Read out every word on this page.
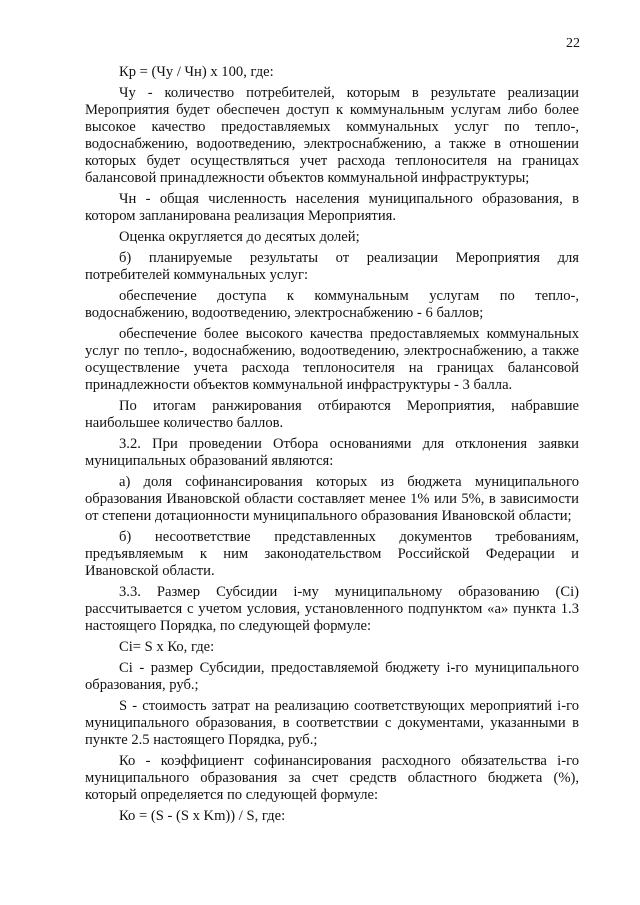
22

Кр = (Чу / Чн) х 100, где:

Чу - количество потребителей, которым в результате реализации Мероприятия будет обеспечен доступ к коммунальным услугам либо более высокое качество предоставляемых коммунальных услуг по тепло-, водоснабжению, водоотведению, электроснабжению, а также в отношении которых будет осуществляться учет расхода теплоносителя на границах балансовой принадлежности объектов коммунальной инфраструктуры;

Чн - общая численность населения муниципального образования, в котором запланирована реализация Мероприятия.

Оценка округляется до десятых долей;

б) планируемые результаты от реализации Мероприятия для потребителей коммунальных услуг:

обеспечение доступа к коммунальным услугам по тепло-, водоснабжению, водоотведению, электроснабжению - 6 баллов;

обеспечение более высокого качества предоставляемых коммунальных услуг по тепло-, водоснабжению, водоотведению, электроснабжению, а также осуществление учета расхода теплоносителя на границах балансовой принадлежности объектов коммунальной инфраструктуры - 3 балла.

По итогам ранжирования отбираются Мероприятия, набравшие наибольшее количество баллов.

3.2. При проведении Отбора основаниями для отклонения заявки муниципальных образований являются:

а) доля софинансирования которых из бюджета муниципального образования Ивановской области составляет менее 1% или 5%, в зависимости от степени дотационности муниципального образования Ивановской области;

б) несоответствие представленных документов требованиям, предъявляемым к ним законодательством Российской Федерации и Ивановской области.

3.3. Размер Субсидии i-му муниципальному образованию (Ci) рассчитывается с учетом условия, установленного подпунктом «а» пункта 1.3 настоящего Порядка, по следующей формуле:

Ci= S х Ко, где:

Ci - размер Субсидии, предоставляемой бюджету i-го муниципального образования, руб.;

S - стоимость затрат на реализацию соответствующих мероприятий i-го муниципального образования, в соответствии с документами, указанными в пункте 2.5 настоящего Порядка, руб.;

Ко - коэффициент софинансирования расходного обязательства i-го муниципального образования за счет средств областного бюджета (%), который определяется по следующей формуле:

Ко = (S - (S х Km)) / S, где:
